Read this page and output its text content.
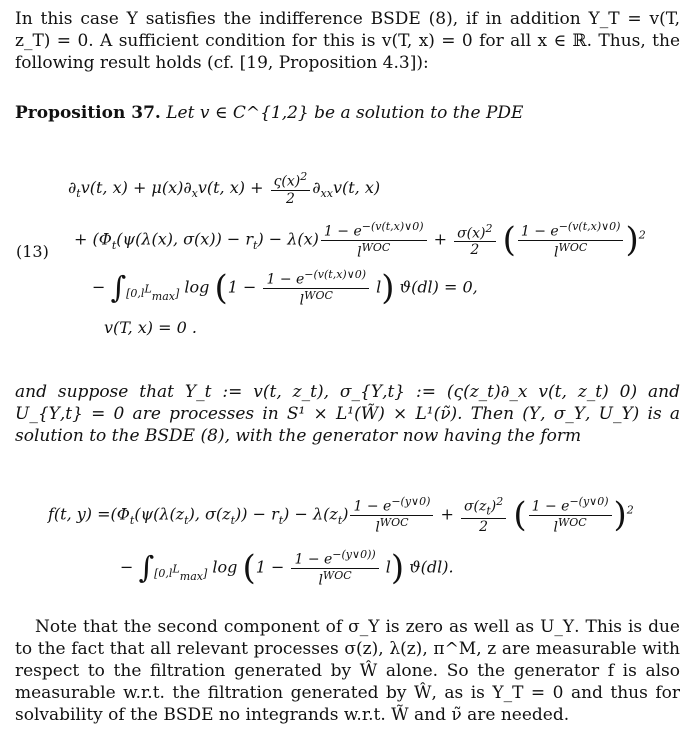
In this case Υ satisfies the indifference BSDE (8), if in addition Υ_T = v(T, z_T) = 0. A sufficient condition for this is v(T, x) = 0 for all x ∈ ℝ. Thus, the following result holds (cf. [19, Proposition 4.3]):
Proposition 37. Let v ∈ C^{1,2} be a solution to the PDE
$\partial_tv(t$, $x) + \mu(x)\partial_xv(t$, $x) + \frac{\varsigma(x)^2}{2} \partial_{xx}v(t$, x)
+ ($\Phi_t(\psi(\lambda(x)$, $\sigma(x)) - r_t) - \lambda(x) \frac{1 - e^{-(v(t,x)\vee 0)}}{l^{WOC}} + \frac{\sigma(x)^2}{2}$ ( $\frac{1 - e^{-(v(t,x)\vee 0)}}{l^{WOC}} )^2$
(13)
− $\int_{[0,lLmax]}$ $\log (1 - \frac{1 - e^{-(v(t,x)\vee 0)}}{l^{WOC}} l)$ ϑ(dl) = 0,
v(T, x) = 0 .
and suppose that Υ_t := v(t, z_t), σ_{Υ,t} := (ς(z_t)∂_x v(t, z_t) 0) and U_{Υ,t} = 0 are processes in S¹ × L¹(W̃) × L¹(ν̃). Then (Υ, σ_Υ, U_Υ) is a solution to the BSDE (8), with the generator now having the form
f(t, $y) =(\Phi_t(\psi(\lambda(z_t)$, $\sigma(z_t)) - r_t) - \lambda(z_t) \frac{1 - e^{-(y\vee 0)}}{l^{WOC}} + \frac{\sigma(z_t)^2}{2}$ ( $\frac{1 - e^{-(y\vee 0)}}{l^{WOC}} )^2$
− $\int_{[0,lLmax]}$ $\log (1 - \frac{1 - e^{-(y\vee 0))}}{l^{WOC}} l)$ ϑ(dl).
Note that the second component of σ_Υ is zero as well as U_Υ. This is due to the fact that all relevant processes σ(z), λ(z), π^M, z are measurable with respect to the filtration generated by Ŵ alone. So the generator f is also measurable w.r.t. the filtration generated by Ŵ, as is Υ_T = 0 and thus for solvability of the BSDE no integrands w.r.t. W̃ and ν̃ are needed.
